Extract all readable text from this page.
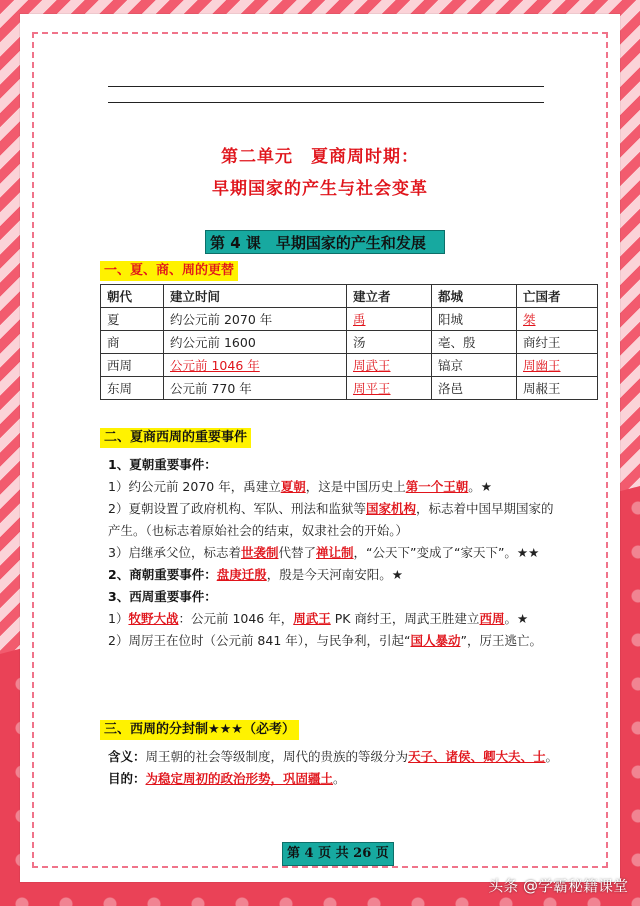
第二单元　夏商周时期：
早期国家的产生与社会变革
第 4 课　早期国家的产生和发展
一、夏、商、周的更替
朝代	建立时间	建立者	都城	亡国者
夏	约公元前 2070 年	禹	阳城	桀
商	约公元前 1600	汤	亳、殷	商纣王
西周	公元前 1046 年	周武王	镐京	周幽王
东周	公元前 770 年	周平王	洛邑	周赧王
二、夏商西周的重要事件
1、夏朝重要事件：
1）约公元前 2070 年，禹建立夏朝，这是中国历史上第一个王朝。★
2）夏朝设置了政府机构、军队、刑法和监狱等国家机构，标志着中国早期国家的产生。（也标志着原始社会的结束，奴隶社会的开始。）
3）启继承父位，标志着世袭制代替了禅让制，“公天下”变成了“家天下”。★★
2、商朝重要事件：盘庚迁殷，殷是今天河南安阳。★
3、西周重要事件：
1）牧野大战：公元前 1046 年，周武王 PK 商纣王，周武王胜建立西周。★
2）周厉王在位时（公元前 841 年），与民争利，引起“国人暴动”，厉王逃亡。
三、西周的分封制★★★（必考）
含义：周王朝的社会等级制度，周代的贵族的等级分为天子、诸侯、卿大夫、士。
目的：为稳定周初的政治形势，巩固疆土。
第 4 页 共 26 页
头条 @学霸秘籍课堂
